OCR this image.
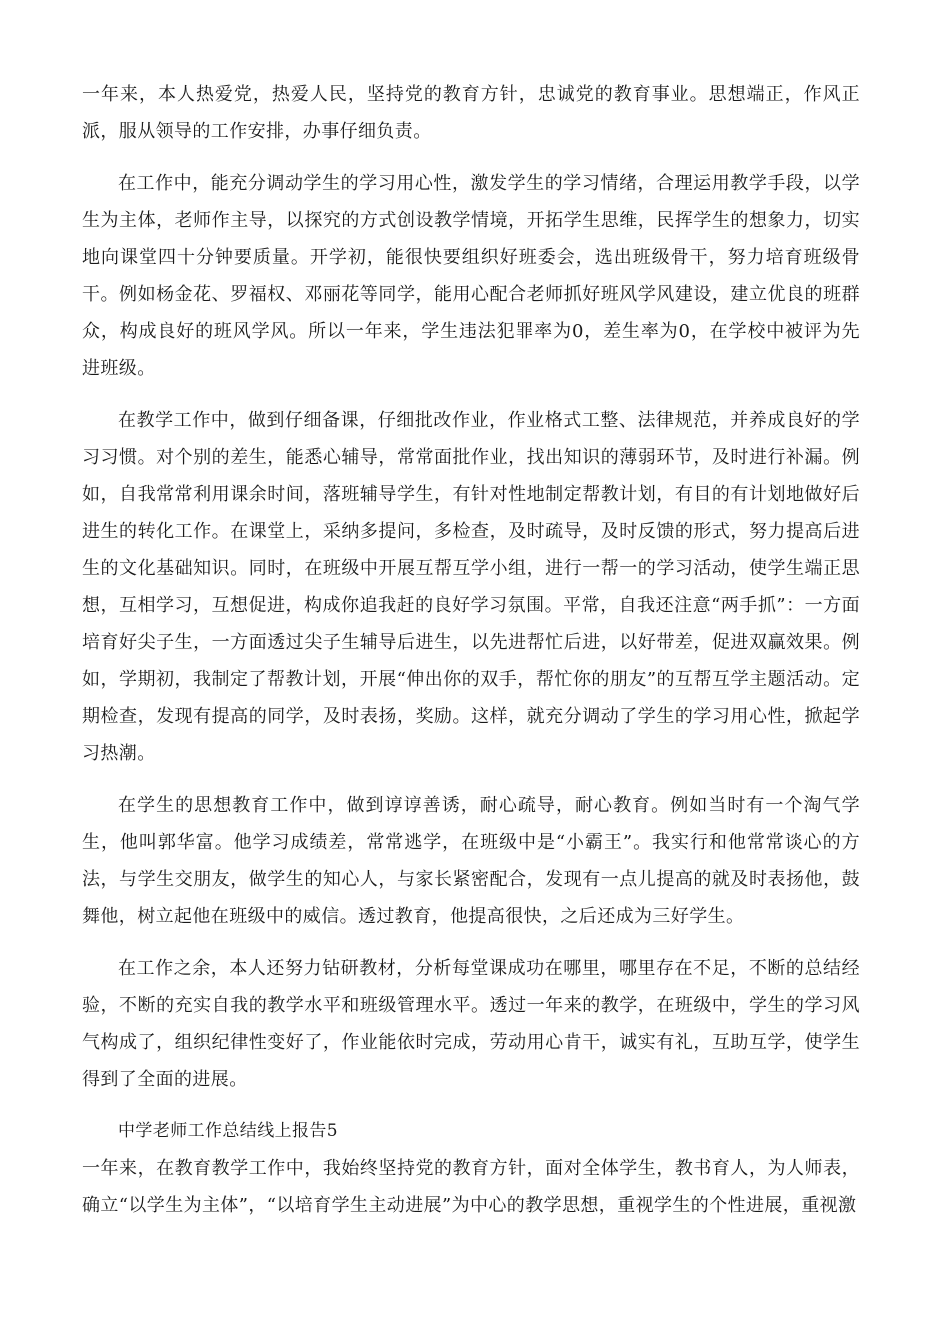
一年来，本人热爱党，热爱人民，坚持党的教育方针，忠诚党的教育事业。思想端正，作风正派，服从领导的工作安排，办事仔细负责。

在工作中，能充分调动学生的学习用心性，激发学生的学习情绪，合理运用教学手段，以学生为主体，老师作主导，以探究的方式创设教学情境，开拓学生思维，民挥学生的想象力，切实地向课堂四十分钟要质量。开学初，能很快要组织好班委会，选出班级骨干，努力培育班级骨干。例如杨金花、罗福权、邓丽花等同学，能用心配合老师抓好班风学风建设，建立优良的班群众，构成良好的班风学风。所以一年来，学生违法犯罪率为0，差生率为0，在学校中被评为先进班级。

在教学工作中，做到仔细备课，仔细批改作业，作业格式工整、法律规范，并养成良好的学习习惯。对个别的差生，能悉心辅导，常常面批作业，找出知识的薄弱环节，及时进行补漏。例如，自我常常利用课余时间，落班辅导学生，有针对性地制定帮教计划，有目的有计划地做好后进生的转化工作。在课堂上，采纳多提问，多检查，及时疏导，及时反馈的形式，努力提高后进生的文化基础知识。同时，在班级中开展互帮互学小组，进行一帮一的学习活动，使学生端正思想，互相学习，互想促进，构成你追我赶的良好学习氛围。平常，自我还注意“两手抓”：一方面培育好尖子生，一方面透过尖子生辅导后进生，以先进帮忙后进，以好带差，促进双赢效果。例如，学期初，我制定了帮教计划，开展“伸出你的双手，帮忙你的朋友”的互帮互学主题活动。定期检查，发现有提高的同学，及时表扬，奖励。这样，就充分调动了学生的学习用心性，掀起学习热潮。

在学生的思想教育工作中，做到谆谆善诱，耐心疏导，耐心教育。例如当时有一个淘气学生，他叫郭华富。他学习成绩差，常常逃学，在班级中是“小霸王”。我实行和他常常谈心的方法，与学生交朋友，做学生的知心人，与家长紧密配合，发现有一点儿提高的就及时表扬他，鼓舞他，树立起他在班级中的威信。透过教育，他提高很快，之后还成为三好学生。

在工作之余，本人还努力钻研教材，分析每堂课成功在哪里，哪里存在不足，不断的总结经验，不断的充实自我的教学水平和班级管理水平。透过一年来的教学，在班级中，学生的学习风气构成了，组织纪律性变好了，作业能依时完成，劳动用心肯干，诚实有礼，互助互学，使学生得到了全面的进展。

中学老师工作总结线上报告5

一年来，在教育教学工作中，我始终坚持党的教育方针，面对全体学生，教书育人，为人师表，确立“以学生为主体”，“以培育学生主动进展”为中心的教学思想，重视学生的个性进展，重视激
